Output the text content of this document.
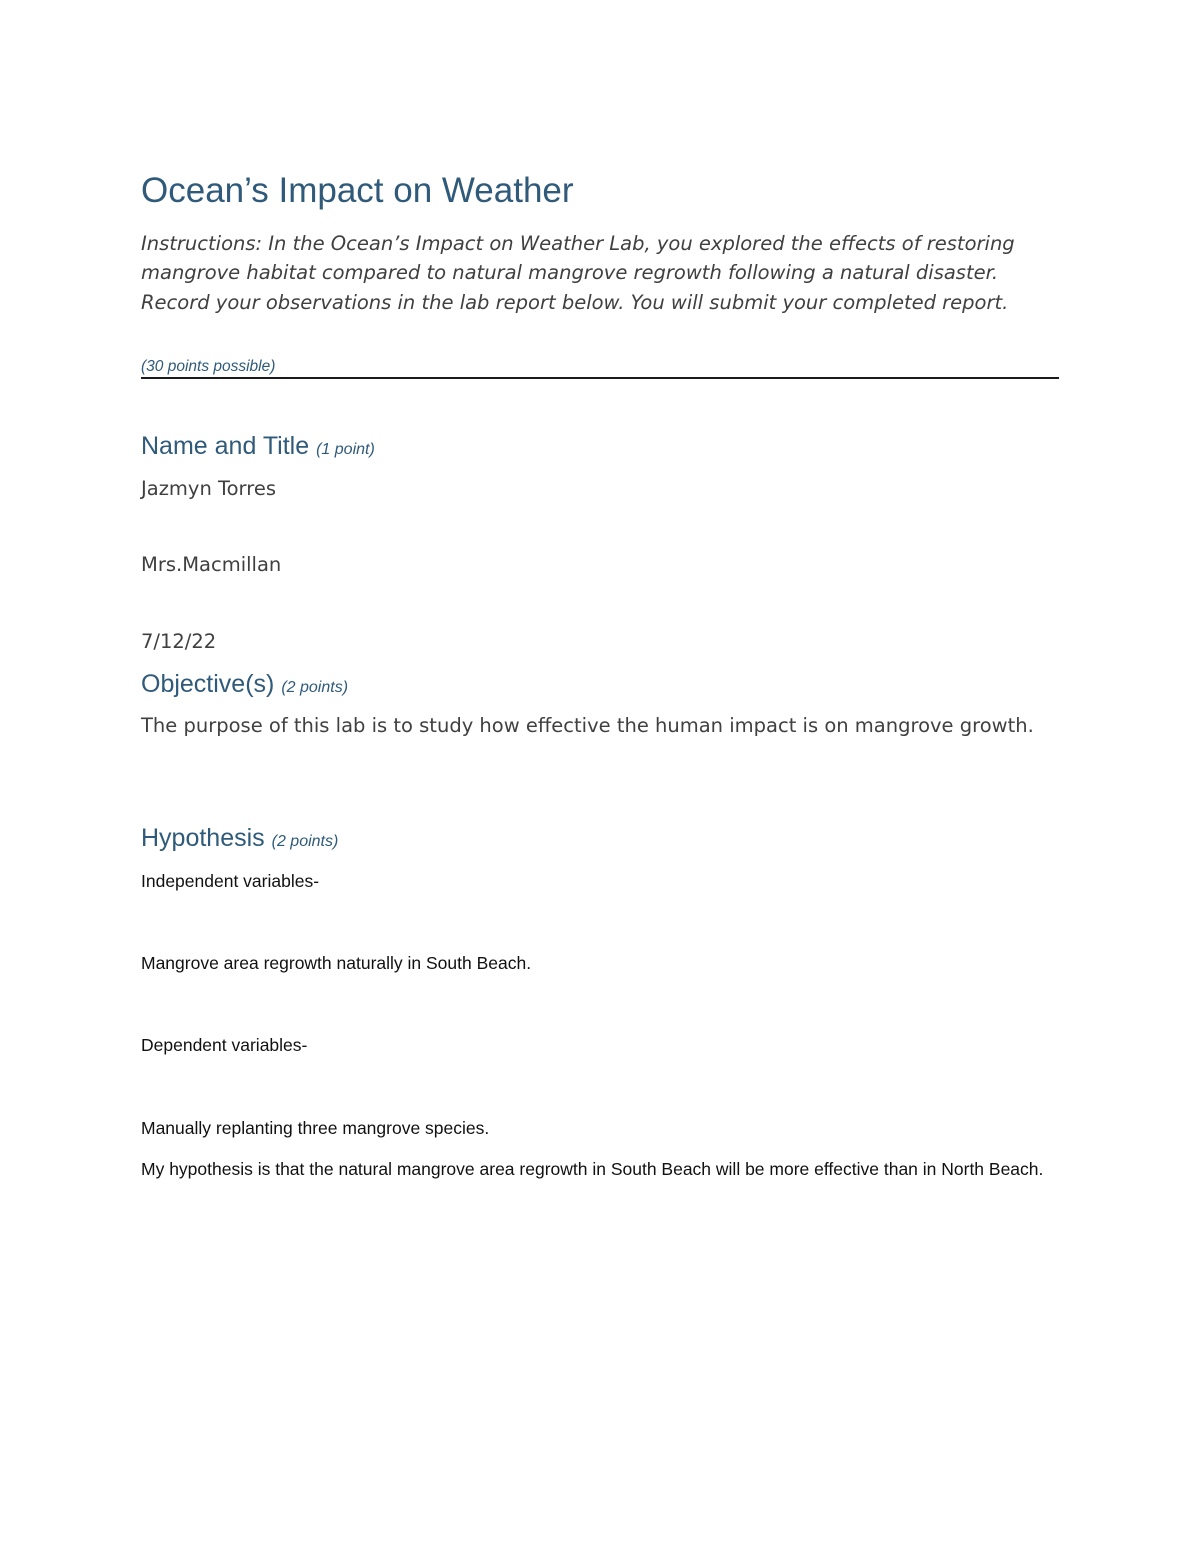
Ocean’s Impact on Weather

Instructions: In the Ocean’s Impact on Weather Lab, you explored the effects of restoring mangrove habitat compared to natural mangrove regrowth following a natural disaster. Record your observations in the lab report below. You will submit your completed report.

(30 points possible)

Name and Title (1 point)

Jazmyn Torres

Mrs.Macmillan

7/12/22

Objective(s) (2 points)

The purpose of this lab is to study how effective the human impact is on mangrove growth.

Hypothesis (2 points)

Independent variables-

Mangrove area regrowth naturally in South Beach.

Dependent variables-

Manually replanting three mangrove species.

My hypothesis is that the natural mangrove area regrowth in South Beach will be more effective than in North Beach.
